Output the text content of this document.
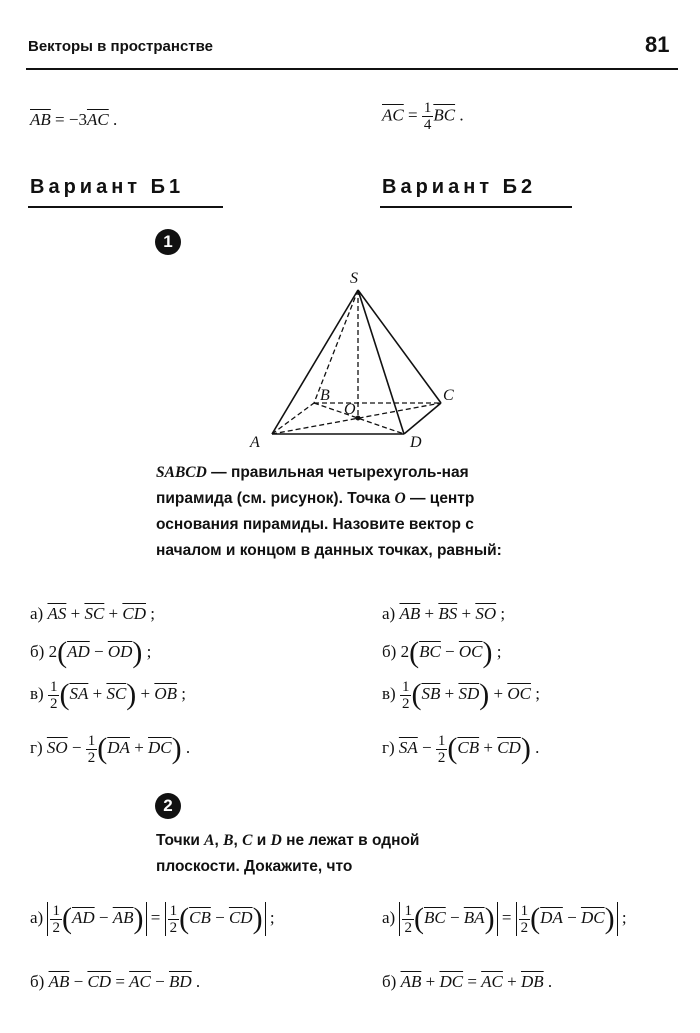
Векторы в пространстве	81
$\overline{AB} = -3\overline{AC}$ .	$\overline{AC} = \frac{1}{4} \overline{BC}$ .
Вариант Б1	Вариант Б2
1
S
A
B	C
D
O
SABCD — правильная четырехуголь-ная пирамида (см. рисунок). Точка O — центр основания пирамиды. Назовите вектор с началом и концом в данных точках, равный:
а) $\overline{AS} + \overline{SC} + \overline{CD}$ ;
б) $2(\overline{AD} - \overline{OD})$ ;
$в) \frac{1}{2} (\overline{SA} + \overline{SC}) + \overline{OB}$ ;
г) $\overline{SO} - \frac{1}{2} (\overline{DA} + \overline{DC})$ .
а) $\overline{AB} + \overline{BS} + \overline{SO}$ ;
б) $2(\overline{BC} - \overline{OC})$ ;
$в) \frac{1}{2} (\overline{SB} + \overline{SD}) + \overline{OC}$ ;
г) $\overline{SA} - \frac{1}{2} (\overline{CB} + \overline{CD})$ .
2
Точки A, B, C и D не лежат в одной
плоскости. Докажите, что
$а) \frac{1}{2} (\overline{AD} - \overline{AB}) = \frac{1}{2} (\overline{CB} - \overline{CD})$ ;
б) $\overline{AB} - \overline{CD} = \overline{AC} - \overline{BD}$ .
$а) \frac{1}{2} (\overline{BC} - \overline{BA}) = \frac{1}{2} (\overline{DA} - \overline{DC})$ ;
б) $\overline{AB} + \overline{DC} = \overline{AC} + \overline{DB}$ .
